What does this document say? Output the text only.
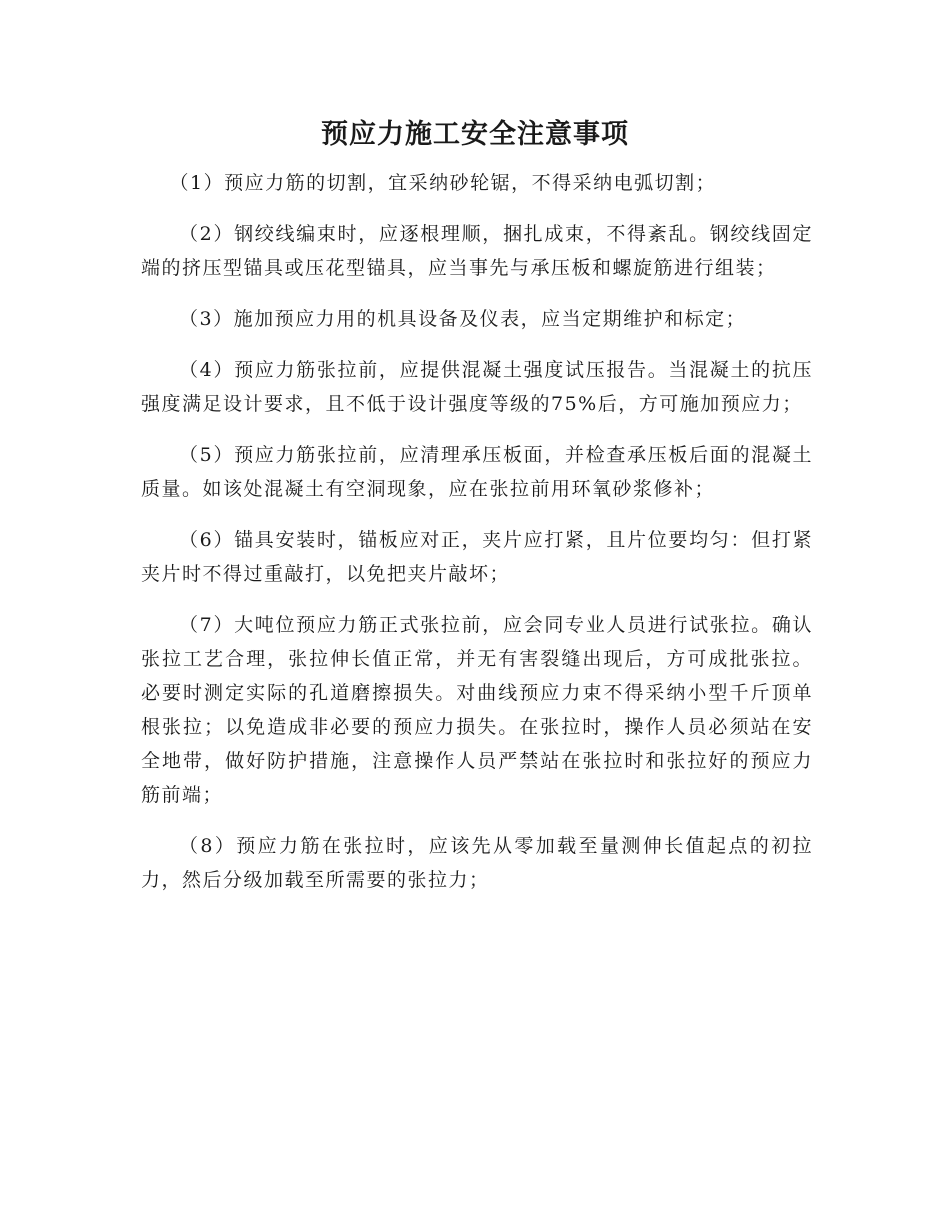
预应力施工安全注意事项

（1）预应力筋的切割，宜采纳砂轮锯，不得采纳电弧切割；

（2）钢绞线编束时，应逐根理顺，捆扎成束，不得紊乱。钢绞线固定端的挤压型锚具或压花型锚具，应当事先与承压板和螺旋筋进行组装；

（3）施加预应力用的机具设备及仪表，应当定期维护和标定；

（4）预应力筋张拉前，应提供混凝土强度试压报告。当混凝土的抗压强度满足设计要求，且不低于设计强度等级的75%后，方可施加预应力；

（5）预应力筋张拉前，应清理承压板面，并检查承压板后面的混凝土质量。如该处混凝土有空洞现象，应在张拉前用环氧砂浆修补；

（6）锚具安装时，锚板应对正，夹片应打紧，且片位要均匀：但打紧夹片时不得过重敲打，以免把夹片敲坏；

（7）大吨位预应力筋正式张拉前，应会同专业人员进行试张拉。确认张拉工艺合理，张拉伸长值正常，并无有害裂缝出现后，方可成批张拉。必要时测定实际的孔道磨擦损失。对曲线预应力束不得采纳小型千斤顶单根张拉；以免造成非必要的预应力损失。在张拉时，操作人员必须站在安全地带，做好防护措施，注意操作人员严禁站在张拉时和张拉好的预应力筋前端；

（8）预应力筋在张拉时，应该先从零加载至量测伸长值起点的初拉力，然后分级加载至所需要的张拉力；
